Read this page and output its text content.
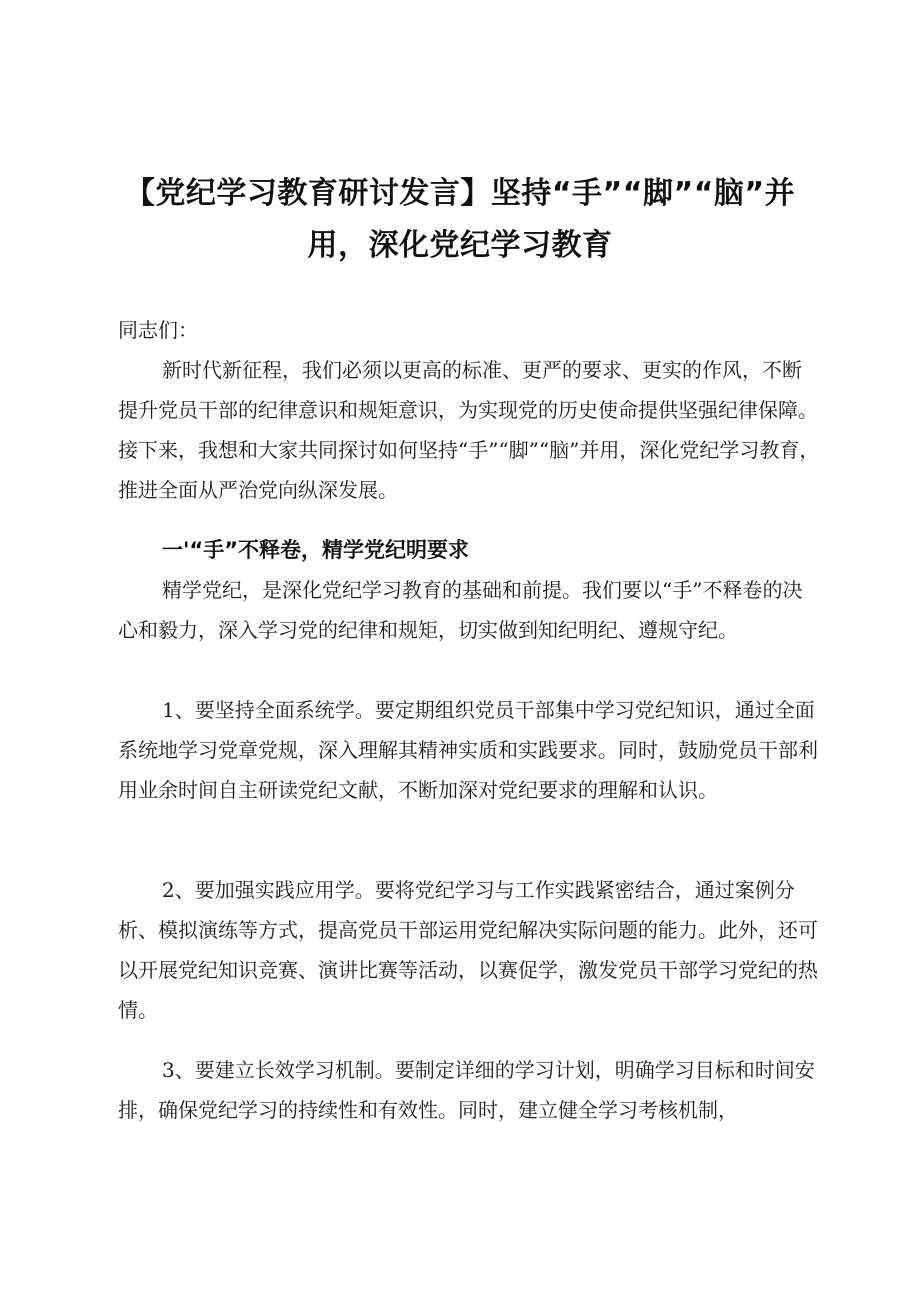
【党纪学习教育研讨发言】坚持“手”“脚”“脑”并用，深化党纪学习教育

同志们：

新时代新征程，我们必须以更高的标准、更严的要求、更实的作风，不断提升党员干部的纪律意识和规矩意识，为实现党的历史使命提供坚强纪律保障。接下来，我想和大家共同探讨如何坚持“手”“脚”“脑”并用，深化党纪学习教育，推进全面从严治党向纵深发展。

一'“手”不释卷，精学党纪明要求

精学党纪，是深化党纪学习教育的基础和前提。我们要以“手”不释卷的决心和毅力，深入学习党的纪律和规矩，切实做到知纪明纪、遵规守纪。

1、要坚持全面系统学。要定期组织党员干部集中学习党纪知识，通过全面系统地学习党章党规，深入理解其精神实质和实践要求。同时，鼓励党员干部利用业余时间自主研读党纪文献，不断加深对党纪要求的理解和认识。

2、要加强实践应用学。要将党纪学习与工作实践紧密结合，通过案例分析、模拟演练等方式，提高党员干部运用党纪解决实际问题的能力。此外，还可以开展党纪知识竞赛、演讲比赛等活动，以赛促学，激发党员干部学习党纪的热情。

3、要建立长效学习机制。要制定详细的学习计划，明确学习目标和时间安排，确保党纪学习的持续性和有效性。同时，建立健全学习考核机制，
